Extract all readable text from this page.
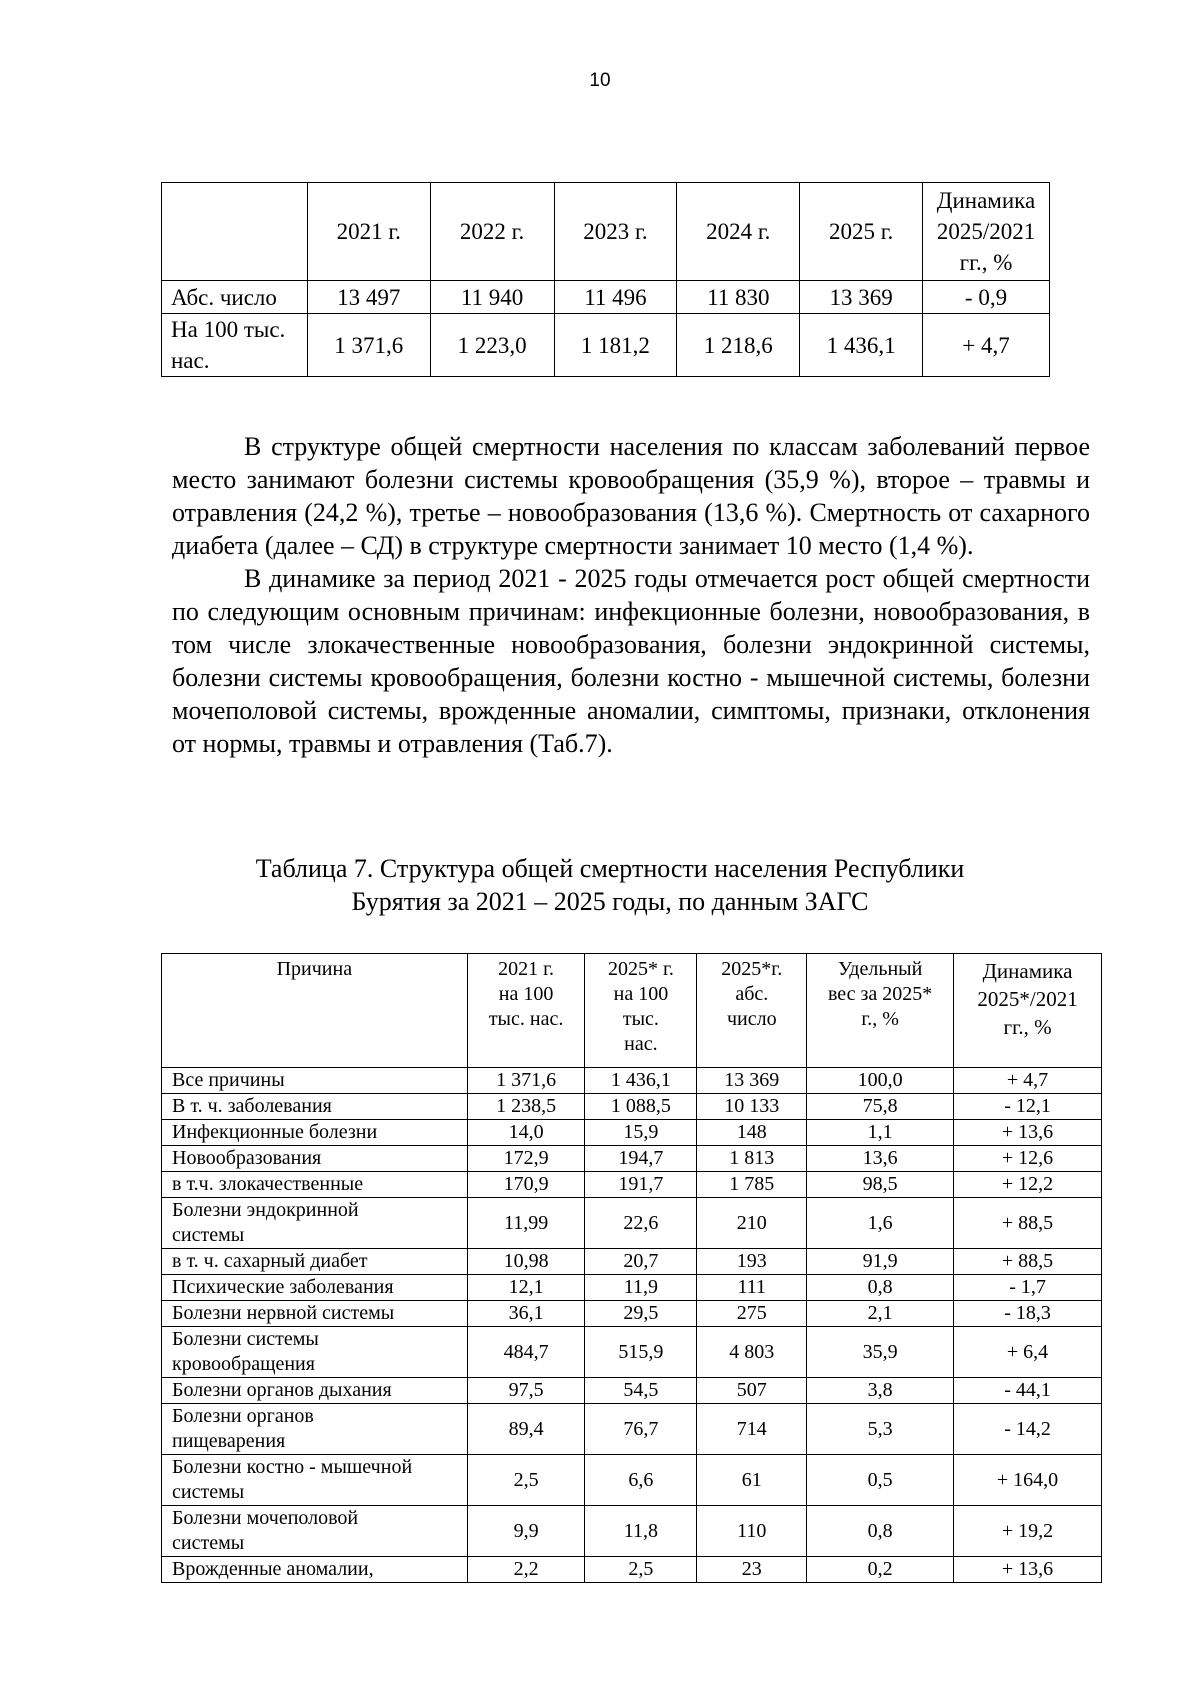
10
	2021 г.	2022 г.	2023 г.	2024 г.	2025 г.	Динамика
2025/2021
гг., %

Абс. число	13 497	11 940	11 496	11 830	13 369	- 0,9

На 100 тыс.
нас.	1 371,6	1 223,0	1 181,2	1 218,6	1 436,1	+ 4,7

В структуре общей смертности населения по классам заболеваний первое место занимают болезни системы кровообращения (35,9 %), второе – травмы и отравления (24,2 %), третье – новообразования (13,6 %). Смертность от сахарного диабета (далее – СД) в структуре смертности занимает 10 место (1,4 %).

В динамике за период 2021 - 2025 годы отмечается рост общей смертности по следующим основным причинам: инфекционные болезни, новообразования, в том числе злокачественные новообразования, болезни эндокринной системы, болезни системы кровообращения, болезни костно - мышечной системы, болезни мочеполовой системы, врожденные аномалии, симптомы, признаки, отклонения от нормы, травмы и отравления (Таб.7).

Таблица 7. Структура общей смертности населения Республики
Бурятия за 2021 – 2025 годы, по данным ЗАГС
Причина	2021 г.
на 100
тыс. нас.	2025* г.
на 100
тыс.
нас.	2025*г.
абс.
число	Удельный
вес за 2025*
г., %	Динамика
2025*/2021
гг., %

Все причины	1 371,6	1 436,1	13 369	100,0	+ 4,7

В т. ч. заболевания	1 238,5	1 088,5	10 133	75,8	- 12,1

Инфекционные болезни	14,0	15,9	148	1,1	+ 13,6

Новообразования	172,9	194,7	1 813	13,6	+ 12,6

в т.ч. злокачественные	170,9	191,7	1 785	98,5	+ 12,2

Болезни эндокринной
системы	11,99	22,6	210	1,6	+ 88,5

в т. ч. сахарный диабет	10,98	20,7	193	91,9	+ 88,5

Психические заболевания	12,1	11,9	111	0,8	- 1,7

Болезни нервной системы	36,1	29,5	275	2,1	- 18,3

Болезни системы
кровообращения	484,7	515,9	4 803	35,9	+ 6,4

Болезни органов дыхания	97,5	54,5	507	3,8	- 44,1

Болезни органов
пищеварения	89,4	76,7	714	5,3	- 14,2

Болезни костно - мышечной
системы	2,5	6,6	61	0,5	+ 164,0

Болезни мочеполовой
системы	9,9	11,8	110	0,8	+ 19,2

Врожденные аномалии,	2,2	2,5	23	0,2	+ 13,6
